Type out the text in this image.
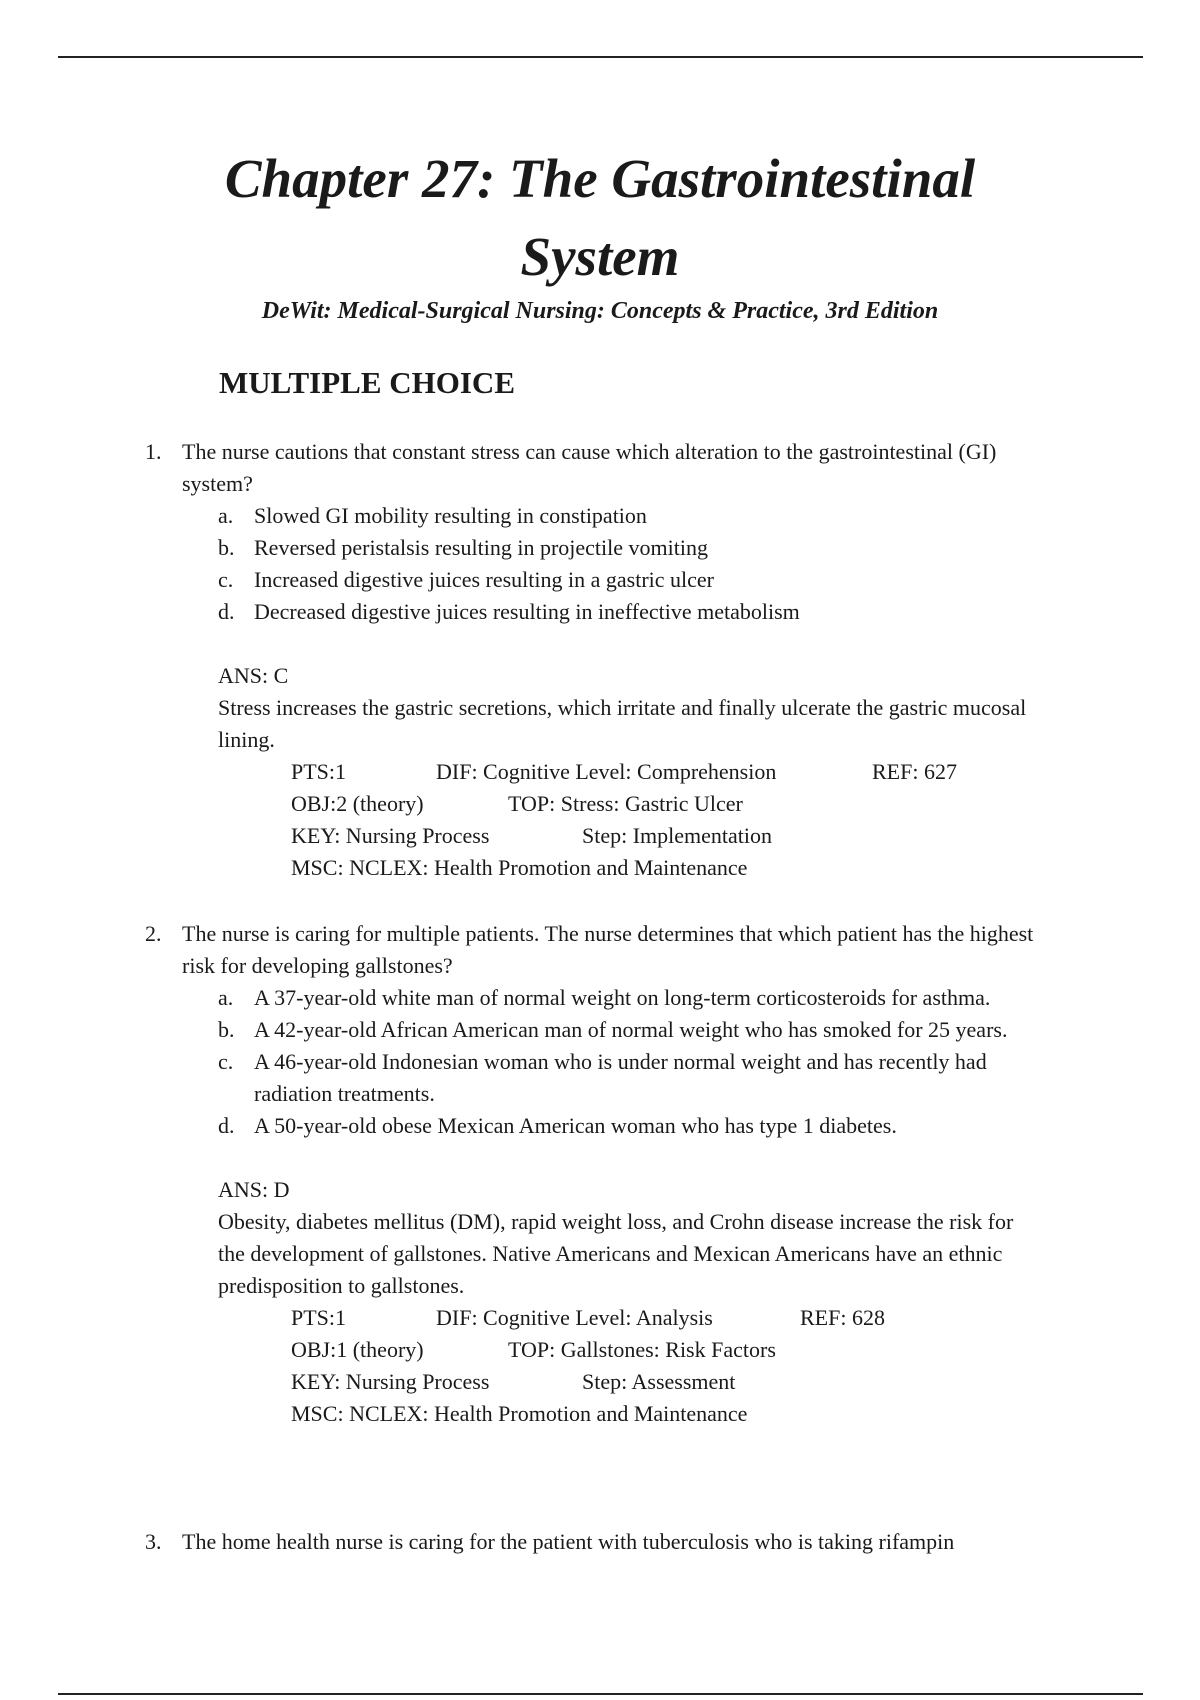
Chapter 27: The Gastrointestinal
System

DeWit: Medical-Surgical Nursing: Concepts & Practice, 3rd Edition

MULTIPLE CHOICE
1. The nurse cautions that constant stress can cause which alteration to the gastrointestinal (GI) system?
a. Slowed GI mobility resulting in constipation
b. Reversed peristalsis resulting in projectile vomiting
c. Increased digestive juices resulting in a gastric ulcer
d. Decreased digestive juices resulting in ineffective metabolism
ANS: C
Stress increases the gastric secretions, which irritate and finally ulcerate the gastric mucosal lining.
PTS:1	DIF: Cognitive Level: Comprehension	REF: 627
OBJ:2 (theory)	TOP: Stress: Gastric Ulcer
KEY: Nursing Process	Step: Implementation
MSC: NCLEX: Health Promotion and Maintenance
2. The nurse is caring for multiple patients. The nurse determines that which patient has the highest risk for developing gallstones?
a. A 37-year-old white man of normal weight on long-term corticosteroids for asthma.
b. A 42-year-old African American man of normal weight who has smoked for 25 years.
c. A 46-year-old Indonesian woman who is under normal weight and has recently had radiation treatments.
d. A 50-year-old obese Mexican American woman who has type 1 diabetes.
ANS: D
Obesity, diabetes mellitus (DM), rapid weight loss, and Crohn disease increase the risk for the development of gallstones. Native Americans and Mexican Americans have an ethnic predisposition to gallstones.
PTS:1	DIF: Cognitive Level: Analysis	REF: 628
OBJ:1 (theory)	TOP: Gallstones: Risk Factors
KEY: Nursing Process	Step: Assessment
MSC: NCLEX: Health Promotion and Maintenance
3. The home health nurse is caring for the patient with tuberculosis who is taking rifampin
